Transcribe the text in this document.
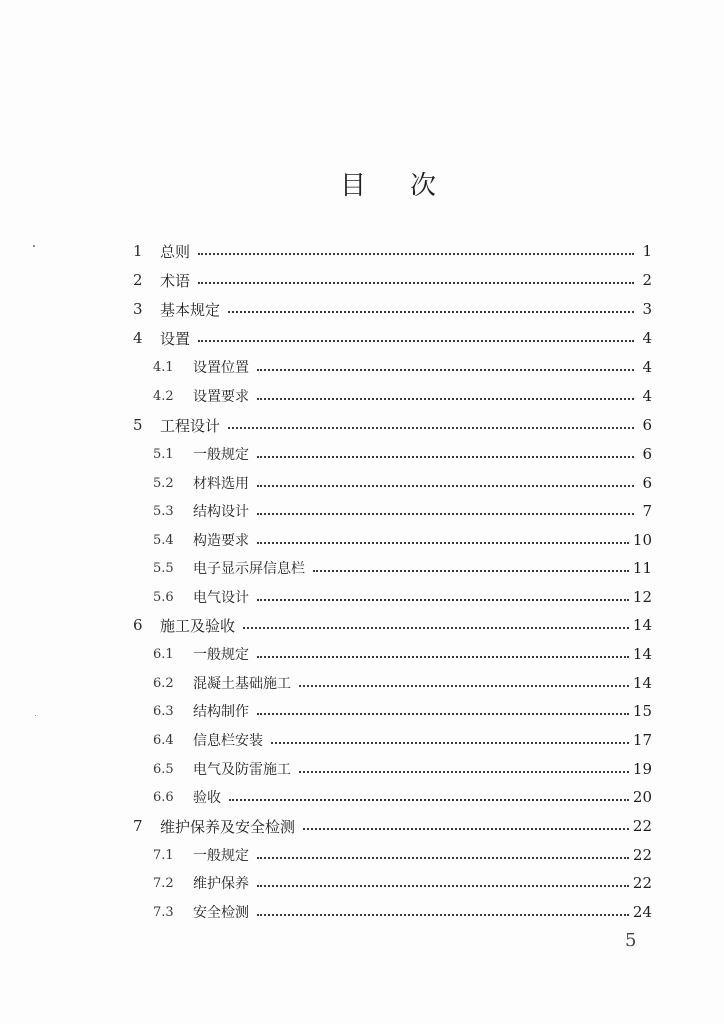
目 次
1	总则	1
2	术语	2
3	基本规定	3
4	设置	4
4.1	设置位置	4
4.2	设置要求	4
5	工程设计	6
5.1	一般规定	6
5.2	材料选用	6
5.3	结构设计	7
5.4	构造要求	10
5.5	电子显示屏信息栏	11
5.6	电气设计	12
6	施工及验收	14
6.1	一般规定	14
6.2	混凝土基础施工	14
6.3	结构制作	15
6.4	信息栏安装	17
6.5	电气及防雷施工	19
6.6	验收	20
7	维护保养及安全检测	22
7.1	一般规定	22
7.2	维护保养	22
7.3	安全检测	24
5
